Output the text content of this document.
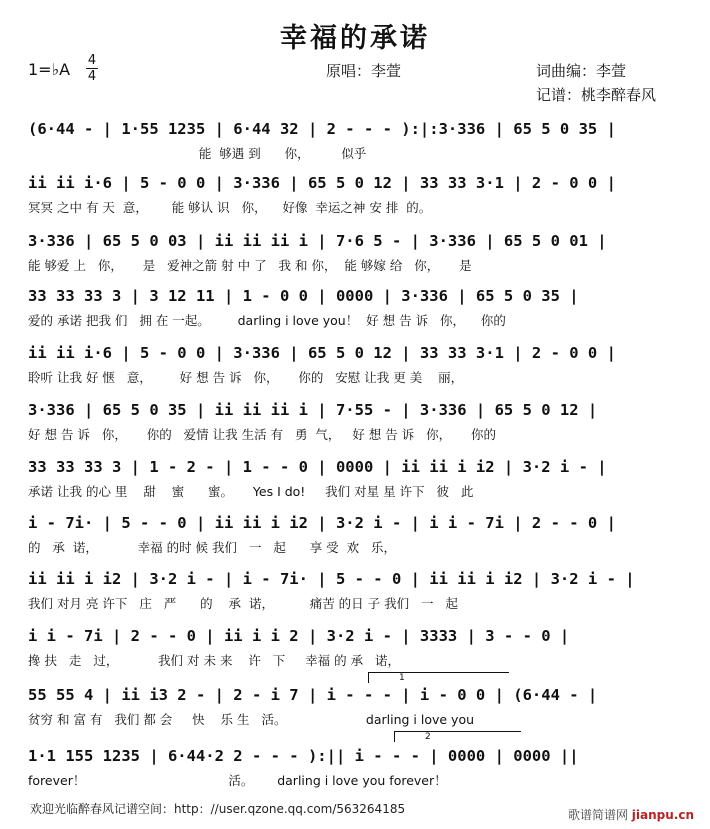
幸福的承诺
1=♭A 4
4	原唱：李萱	词曲编：李萱
记谱：桃李醉春风
(6·44 - | 1·55 1235 | 6·44 32 | 2 - - - ):|:3·336 | 65 5 0 35 |
能  够遇 到      你，        似乎
ii ii i·6 | 5 - 0 0 | 3·336 | 65 5 0 12 | 33 33 3·1 | 2 - 0 0 |
冥冥 之中 有 天  意，      能 够认 识   你，    好像  幸运之神 安 排  的。
3·336 | 65 5 0 03 | ii ii ii i | 7·6 5 - | 3·336 | 65 5 0 01 |
能 够爱 上   你，     是   爱神之箭 射 中 了   我 和 你，  能 够嫁 给   你，     是
33 33 33 3 | 3 12 11 | 1 - 0 0 | 0000 | 3·336 | 65 5 0 35 |
爱的 承诺 把我 们   拥 在 一起。       darling i love you！  好 想 告 诉   你，    你的
ii ii i·6 | 5 - 0 0 | 3·336 | 65 5 0 12 | 33 33 3·1 | 2 - 0 0 |
聆听 让我 好 惬   意，       好 想 告 诉   你，     你的   安慰 让我 更 美    丽，
3·336 | 65 5 0 35 | ii ii ii i | 7·55 - | 3·336 | 65 5 0 12 |
好 想 告 诉   你，     你的   爱情 让我 生活 有   勇  气，   好 想 告 诉   你，     你的
33 33 33 3 | 1 - 2 - | 1 - - 0 | 0000 | ii ii i i2 | 3·2 i - |
承诺 让我 的心 里    甜    蜜      蜜。     Yes I do!     我们 对星 星 许下   彼   此
i - 7i· | 5 - - 0 | ii ii i i2 | 3·2 i - | i i - 7i | 2 - - 0 |
的   承  诺，          幸福 的时 候 我们   一   起      享 受  欢   乐，
ii ii i i2 | 3·2 i - | i - 7i· | 5 - - 0 | ii ii i i2 | 3·2 i - |
我们 对月 亮 许下   庄   严      的    承  诺，         痛苦 的日 子 我们   一   起
i i - 7i | 2 - - 0 | ii i i 2 | 3·2 i - | 3333 | 3 - - 0 |
搀 扶   走   过，          我们 对 未 来    许   下     幸福 的 承   诺，
1
55 55 4 | ii i3 2 - | 2 - i 7 | i - - - | i - 0 0 | (6·44 - |
贫穷 和 富 有   我们 都 会     快    乐 生   活。                    darling i love you
2
1·1 155 1235 | 6·44·2 2 - - - ):|| i - - - | 0000 | 0000 ||
forever！                                    活。      darling i love you forever！
欢迎光临醉春风记谱空间：http：//user.qzone.qq.com/563264185	歌谱简谱网 jianpu.cn
